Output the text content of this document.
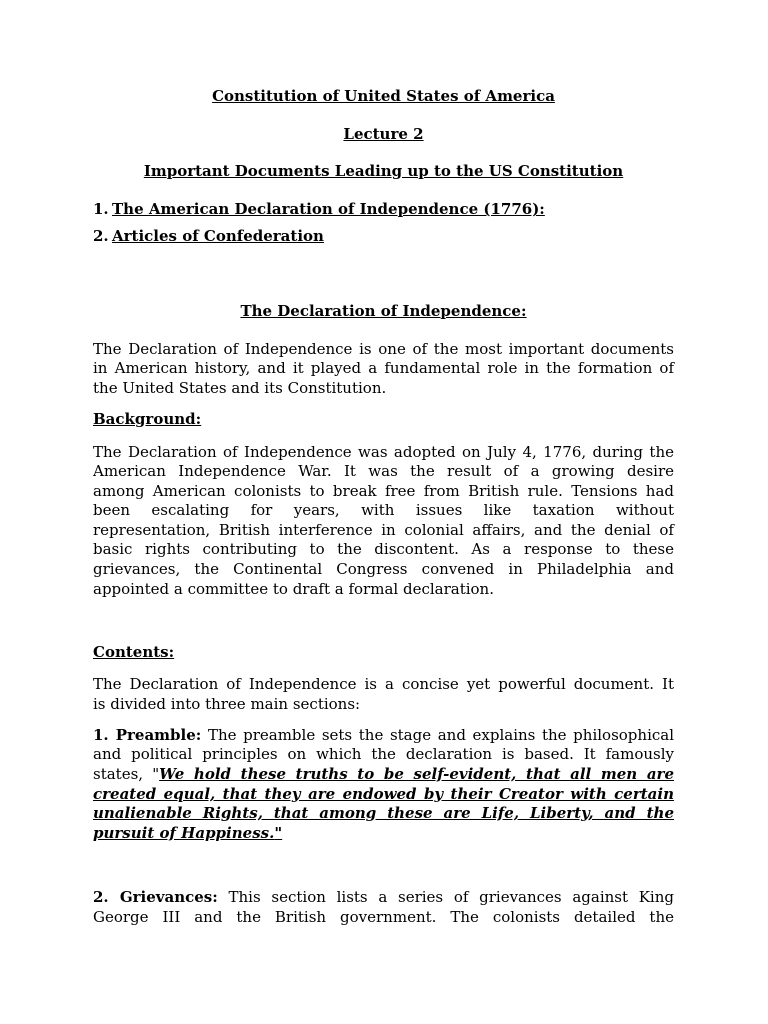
Constitution of United States of America
Lecture 2
Important Documents Leading up to the US Constitution
1. The American Declaration of Independence (1776):
2. Articles of Confederation
The Declaration of Independence:
The Declaration of Independence is one of the most important documents
in American history, and it played a fundamental role in the formation of
the United States and its Constitution.
Background:
The Declaration of Independence was adopted on July 4, 1776, during the
American Independence War. It was the result of a growing desire
among American colonists to break free from British rule. Tensions had
been escalating for years, with issues like taxation without
representation, British interference in colonial affairs, and the denial of
basic rights contributing to the discontent. As a response to these
grievances, the Continental Congress convened in Philadelphia and
appointed a committee to draft a formal declaration.
Contents:
The Declaration of Independence is a concise yet powerful document. It
is divided into three main sections:
1. Preamble: The preamble sets the stage and explains the philosophical
and political principles on which the declaration is based. It famously
states, "We hold these truths to be self-evident, that all men are
created equal, that they are endowed by their Creator with certain
unalienable Rights, that among these are Life, Liberty, and the
pursuit of Happiness."
2. Grievances: This section lists a series of grievances against King
George III and the British government. The colonists detailed the
